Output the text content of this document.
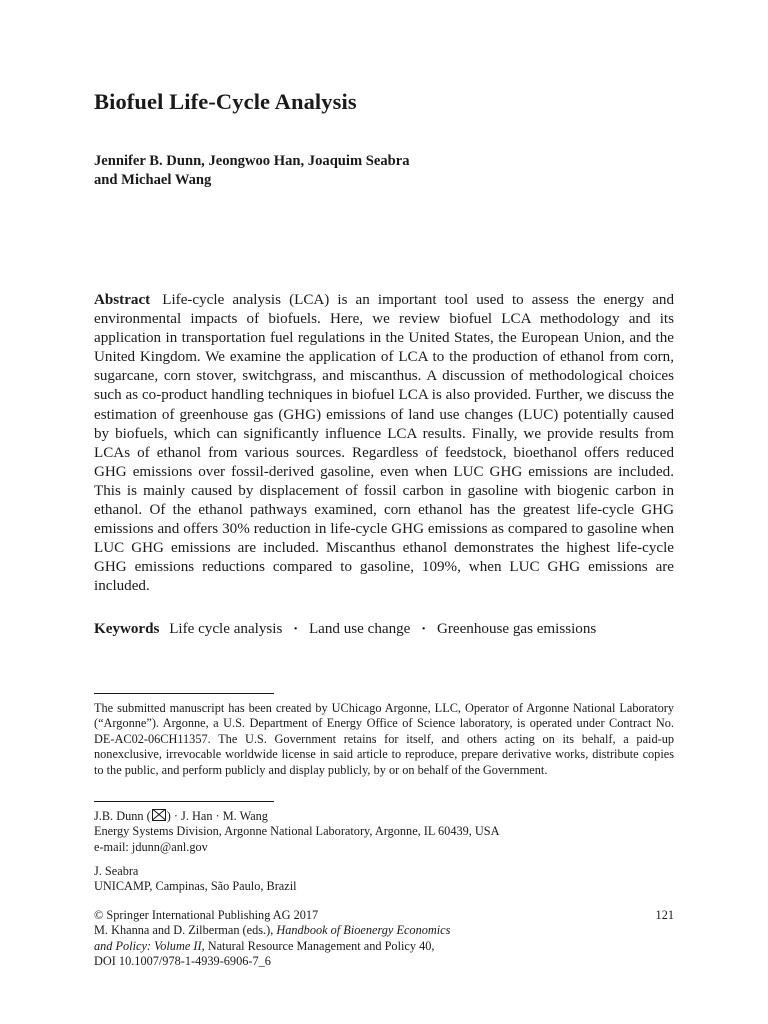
Biofuel Life-Cycle Analysis
Jennifer B. Dunn, Jeongwoo Han, Joaquim Seabra
and Michael Wang
Abstract Life-cycle analysis (LCA) is an important tool used to assess the energy and environmental impacts of biofuels. Here, we review biofuel LCA methodology and its application in transportation fuel regulations in the United States, the European Union, and the United Kingdom. We examine the application of LCA to the production of ethanol from corn, sugarcane, corn stover, switchgrass, and miscanthus. A discussion of methodological choices such as co-product handling techniques in biofuel LCA is also provided. Further, we discuss the estimation of greenhouse gas (GHG) emissions of land use changes (LUC) potentially caused by biofuels, which can significantly influence LCA results. Finally, we provide results from LCAs of ethanol from various sources. Regardless of feedstock, bioethanol offers reduced GHG emissions over fossil-derived gasoline, even when LUC GHG emissions are included. This is mainly caused by displacement of fossil carbon in gasoline with biogenic carbon in ethanol. Of the ethanol pathways examined, corn ethanol has the greatest life-cycle GHG emissions and offers 30% reduction in life-cycle GHG emissions as compared to gasoline when LUC GHG emissions are included. Miscanthus ethanol demonstrates the highest life-cycle GHG emissions reductions compared to gasoline, 109%, when LUC GHG emissions are included.
Keywords Life cycle analysis · Land use change · Greenhouse gas emissions

The submitted manuscript has been created by UChicago Argonne, LLC, Operator of Argonne National Laboratory (“Argonne”). Argonne, a U.S. Department of Energy Office of Science laboratory, is operated under Contract No. DE-AC02-06CH11357. The U.S. Government retains for itself, and others acting on its behalf, a paid-up nonexclusive, irrevocable worldwide license in said article to reproduce, prepare derivative works, distribute copies to the public, and perform publicly and display publicly, by or on behalf of the Government.

J.B. Dunn ( ) · J. Han · M. Wang
Energy Systems Division, Argonne National Laboratory, Argonne, IL 60439, USA
e-mail: jdunn@anl.gov
J. Seabra
UNICAMP, Campinas, São Paulo, Brazil
© Springer International Publishing AG 2017	121
M. Khanna and D. Zilberman (eds.), Handbook of Bioenergy Economics
and Policy: Volume II, Natural Resource Management and Policy 40,
DOI 10.1007/978-1-4939-6906-7_6
